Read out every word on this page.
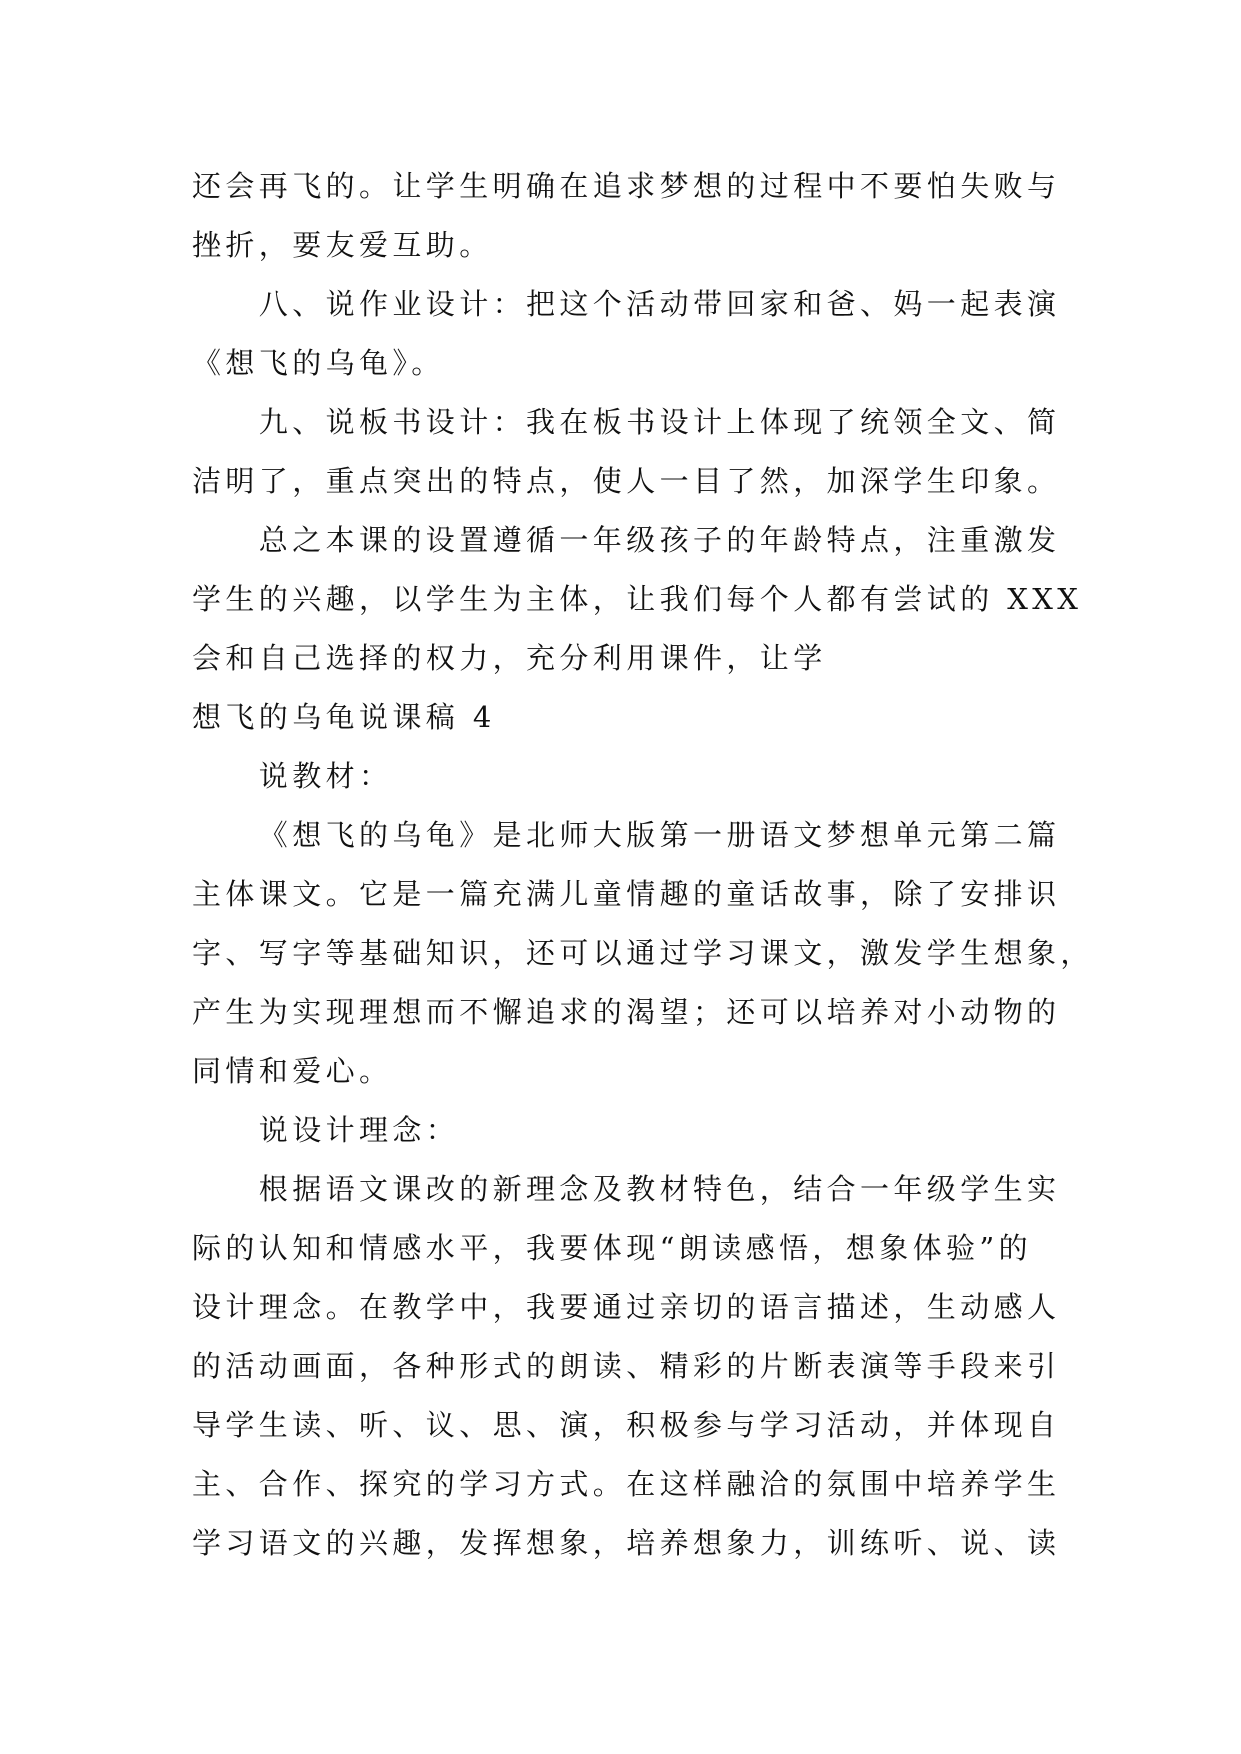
还会再飞的。让学生明确在追求梦想的过程中不要怕失败与
挫折，要友爱互助。
八、说作业设计：把这个活动带回家和爸、妈一起表演
《想飞的乌龟》。
九、说板书设计：我在板书设计上体现了统领全文、简
洁明了，重点突出的特点，使人一目了然，加深学生印象。
总之本课的设置遵循一年级孩子的年龄特点，注重激发
学生的兴趣，以学生为主体，让我们每个人都有尝试的 XXX
会和自己选择的权力，充分利用课件，让学
想飞的乌龟说课稿 4
说教材：
《想飞的乌龟》是北师大版第一册语文梦想单元第二篇
主体课文。它是一篇充满儿童情趣的童话故事，除了安排识
字、写字等基础知识，还可以通过学习课文，激发学生想象，
产生为实现理想而不懈追求的渴望；还可以培养对小动物的
同情和爱心。
说设计理念：
根据语文课改的新理念及教材特色，结合一年级学生实
际的认知和情感水平，我要体现“朗读感悟，想象体验”的
设计理念。在教学中，我要通过亲切的语言描述，生动感人
的活动画面，各种形式的朗读、精彩的片断表演等手段来引
导学生读、听、议、思、演，积极参与学习活动，并体现自
主、合作、探究的学习方式。在这样融洽的氛围中培养学生
学习语文的兴趣，发挥想象，培养想象力，训练听、说、读
